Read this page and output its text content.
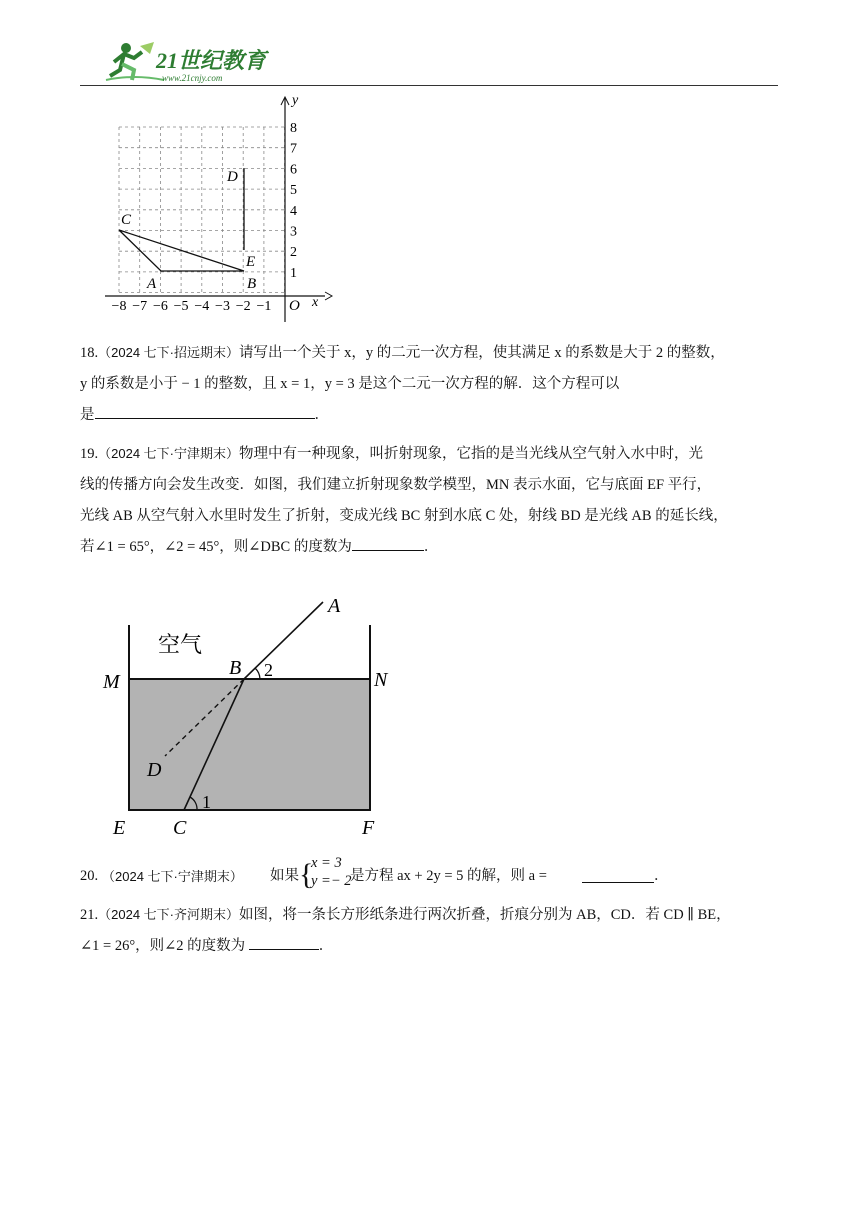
21世纪教育
www.21cnjy.com
x
y
O
−8 −7 −6 −5 −4 −3 −2 −1
1
2
3
4
5
6
7
8
C
A	B
D
E
18.（2024 七下·招远期末）请写出一个关于 x，y 的二元一次方程，使其满足 x 的系数是大于 2 的整数，
y 的系数是小于 − 1 的整数，且 x = 1，y = 3 是这个二元一次方程的解．这个方程可以
是	．
19.（2024 七下·宁津期末）物理中有一种现象，叫折射现象，它指的是当光线从空气射入水中时，光
线的传播方向会发生改变．如图，我们建立折射现象数学模型，MN 表示水面，它与底面 EF 平行，
光线 AB 从空气射入水里时发生了折射，变成光线 BC 射到水底 C 处，射线 BD 是光线 AB 的延长线，
若∠1 = 65°，∠2 = 45°，则∠DBC 的度数为	．
空气
A
B 2
M	N
D
1
E C	F
20. （2024 七下·宁津期末） 如果 {
x = 3
y =− 2
是方程 ax + 2y = 5 的解，则 a =	．
21.（2024 七下·齐河期末）如图，将一条长方形纸条进行两次折叠，折痕分别为 AB，CD．若 CD ∥ BE，
∠1 = 26°，则∠2 的度数为	．
